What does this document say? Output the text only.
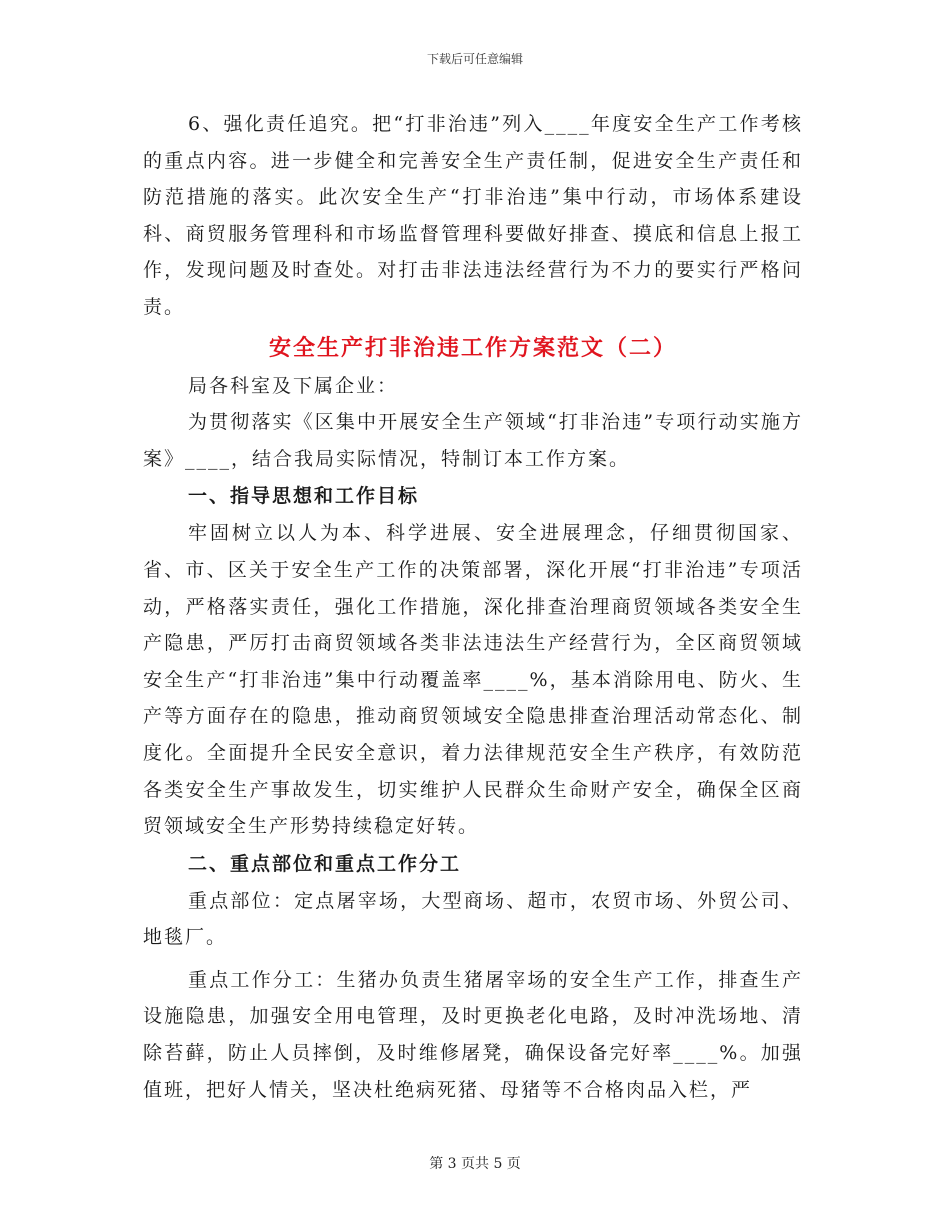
下载后可任意编辑

6、强化责任追究。把“打非治违”列入____年度安全生产工作考核的重点内容。进一步健全和完善安全生产责任制，促进安全生产责任和防范措施的落实。此次安全生产“打非治违”集中行动，市场体系建设科、商贸服务管理科和市场监督管理科要做好排查、摸底和信息上报工作，发现问题及时查处。对打击非法违法经营行为不力的要实行严格问责。

安全生产打非治违工作方案范文（二）

局各科室及下属企业：

为贯彻落实《区集中开展安全生产领域“打非治违”专项行动实施方案》____，结合我局实际情况，特制订本工作方案。

一、指导思想和工作目标

牢固树立以人为本、科学进展、安全进展理念，仔细贯彻国家、省、市、区关于安全生产工作的决策部署，深化开展“打非治违”专项活动，严格落实责任，强化工作措施，深化排查治理商贸领域各类安全生产隐患，严厉打击商贸领域各类非法违法生产经营行为，全区商贸领域安全生产“打非治违”集中行动覆盖率____%，基本消除用电、防火、生产等方面存在的隐患，推动商贸领域安全隐患排查治理活动常态化、制度化。全面提升全民安全意识，着力法律规范安全生产秩序，有效防范各类安全生产事故发生，切实维护人民群众生命财产安全，确保全区商贸领域安全生产形势持续稳定好转。

二、重点部位和重点工作分工

重点部位：定点屠宰场，大型商场、超市，农贸市场、外贸公司、地毯厂。

重点工作分工：生猪办负责生猪屠宰场的安全生产工作，排查生产设施隐患，加强安全用电管理，及时更换老化电路，及时冲洗场地、清除苔藓，防止人员摔倒，及时维修屠凳，确保设备完好率____%。加强值班，把好人情关，坚决杜绝病死猪、母猪等不合格肉品入栏，严

第 3 页共 5 页
